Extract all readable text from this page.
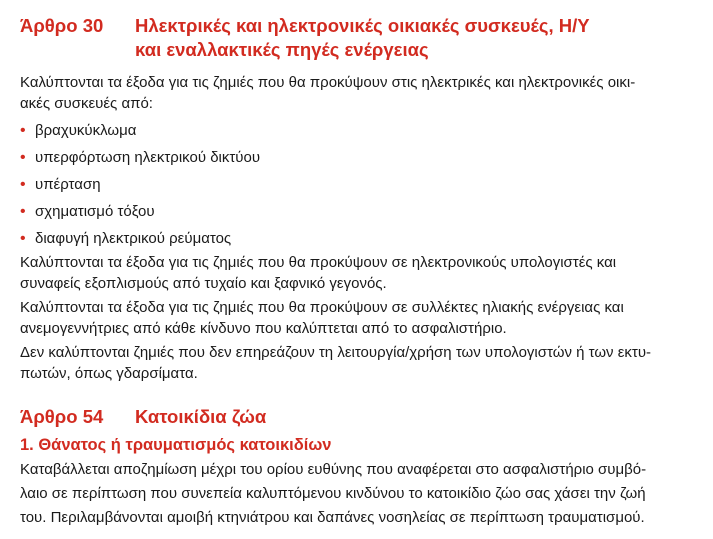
Άρθρο 30 Ηλεκτρικές και ηλεκτρονικές οικιακές συσκευές, Η/Υ
και εναλλακτικές πηγές ενέργειας

Καλύπτονται τα έξοδα για τις ζημιές που θα προκύψουν στις ηλεκτρικές και ηλεκτρονικές οικι-
ακές συσκευές από:

• βραχυκύκλωμα
• υπερφόρτωση ηλεκτρικού δικτύου
• υπέρταση
• σχηματισμό τόξου
• διαφυγή ηλεκτρικού ρεύματος

Καλύπτονται τα έξοδα για τις ζημιές που θα προκύψουν σε ηλεκτρονικούς υπολογιστές και
συναφείς εξοπλισμούς από τυχαίο και ξαφνικό γεγονός.

Καλύπτονται τα έξοδα για τις ζημιές που θα προκύψουν σε συλλέκτες ηλιακής ενέργειας και
ανεμογεννήτριες από κάθε κίνδυνο που καλύπτεται από το ασφαλιστήριο.

Δεν καλύπτονται ζημιές που δεν επηρεάζουν τη λειτουργία/χρήση των υπολογιστών ή των εκτυ-
πωτών, όπως γδαρσίματα.

Άρθρο 54 Κατοικίδια ζώα
1. Θάνατος ή τραυματισμός κατοικιδίων

Καταβάλλεται αποζημίωση μέχρι του ορίου ευθύνης που αναφέρεται στο ασφαλιστήριο συμβό-
λαιο σε περίπτωση που συνεπεία καλυπτόμενου κινδύνου το κατοικίδιο ζώο σας χάσει την ζωή
του. Περιλαμβάνονται αμοιβή κτηνιάτρου και δαπάνες νοσηλείας σε περίπτωση τραυματισμού.
